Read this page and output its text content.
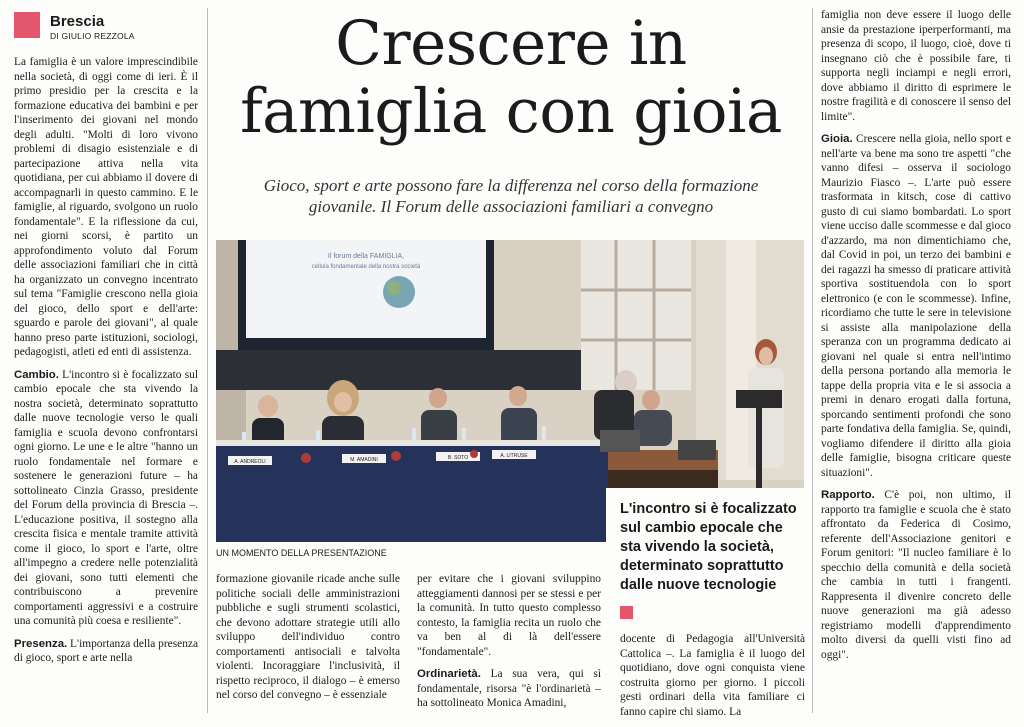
Brescia
DI GIULIO REZZOLA

La famiglia è un valore imprescindibile nella società, di oggi come di ieri. È il primo presidio per la crescita e la formazione educativa dei bambini e per l'inserimento dei giovani nel mondo degli adulti. "Molti di loro vivono problemi di disagio esistenziale e di partecipazione attiva nella vita quotidiana, per cui abbiamo il dovere di accompagnarli in questo cammino. E le famiglie, al riguardo, svolgono un ruolo fondamentale". E la riflessione da cui, nei giorni scorsi, è partito un approfondimento voluto dal Forum delle associazioni familiari che in città ha organizzato un convegno incentrato sul tema "Famiglie crescono nella gioia del gioco, dello sport e dell'arte: sguardo e parole dei giovani", al quale hanno preso parte istituzioni, sociologi, pedagogisti, atleti ed enti di assistenza.

Cambio. L'incontro si è focalizzato sul cambio epocale che sta vivendo la nostra società, determinato soprattutto dalle nuove tecnologie verso le quali famiglia e scuola devono confrontarsi ogni giorno. Le une e le altre "hanno un ruolo fondamentale nel formare e sostenere le generazioni future – ha sottolineato Cinzia Grasso, presidente del Forum della provincia di Brescia –. L'educazione positiva, il sostegno alla crescita fisica e mentale tramite attività come il gioco, lo sport e l'arte, oltre all'impegno a credere nelle potenzialità dei giovani, sono tutti elementi che contribuiscono a prevenire comportamenti aggressivi e a costruire una comunità più coesa e resiliente".

Presenza. L'importanza della presenza di gioco, sport e arte nella

Crescere in
famiglia con gioia
Gioco, sport e arte possono fare la differenza nel corso della formazione
giovanile. Il Forum delle associazioni familiari a convegno
Il forum della FAMIGLIA,
cellula fondamentale della nostra società
A. ANDREOLI	M. AMADINI	B. SOTO	A. LITRUSE
UN MOMENTO DELLA PRESENTAZIONE
L'incontro si è focalizzato sul cambio epocale che sta vivendo la società, determinato soprattutto dalle nuove tecnologie

formazione giovanile ricade anche sulle politiche sociali delle amministrazioni pubbliche e sugli strumenti scolastici, che devono adottare strategie utili allo sviluppo dell'individuo contro comportamenti antisociali e talvolta violenti. Incoraggiare l'inclusività, il rispetto reciproco, il dialogo – è emerso nel corso del convegno – è essenziale

per evitare che i giovani sviluppino atteggiamenti dannosi per se stessi e per la comunità. In tutto questo complesso contesto, la famiglia recita un ruolo che va ben al di là dell'essere "fondamentale".

Ordinarietà. La sua vera, qui sì fondamentale, risorsa "è l'ordinarietà – ha sottolineato Monica Amadini,

docente di Pedagogia all'Università Cattolica –. La famiglia è il luogo del quotidiano, dove ogni conquista viene costruita giorno per giorno. I piccoli gesti ordinari della vita familiare ci fanno capire chi siamo. La

famiglia non deve essere il luogo delle ansie da prestazione iperperformanti, ma presenza di scopo, il luogo, cioè, dove ti insegnano ciò che è possibile fare, ti supporta negli inciampi e negli errori, dove abbiamo il diritto di esprimere le nostre fragilità e di conoscere il senso del limite".

Gioia. Crescere nella gioia, nello sport e nell'arte va bene ma sono tre aspetti "che vanno difesi – osserva il sociologo Maurizio Fiasco –. L'arte può essere trasformata in kitsch, cose di cattivo gusto di cui siamo bombardati. Lo sport viene ucciso dalle scommesse e dal gioco d'azzardo, ma non dimentichiamo che, dal Covid in poi, un terzo dei bambini e dei ragazzi ha smesso di praticare attività sportiva sostituendola con lo sport elettronico (e con le scommesse). Infine, ricordiamo che tutte le sere in televisione si assiste alla manipolazione della speranza con un programma dedicato ai giovani nel quale si entra nell'intimo della persona portando alla memoria le tappe della propria vita e le si associa a premi in denaro erogati dalla fortuna, sporcando sentimenti profondi che sono parte fondativa della famiglia. Se, quindi, vogliamo difendere il diritto alla gioia delle famiglie, bisogna criticare queste situazioni".

Rapporto. C'è poi, non ultimo, il rapporto tra famiglie e scuola che è stato affrontato da Federica di Cosimo, referente dell'Associazione genitori e Forum genitori: "Il nucleo familiare è lo specchio della comunità e della società che cambia in tutti i frangenti. Rappresenta il divenire concreto delle nuove generazioni ma già adesso registriamo modelli d'apprendimento molto diversi da quelli visti fino ad oggi".
